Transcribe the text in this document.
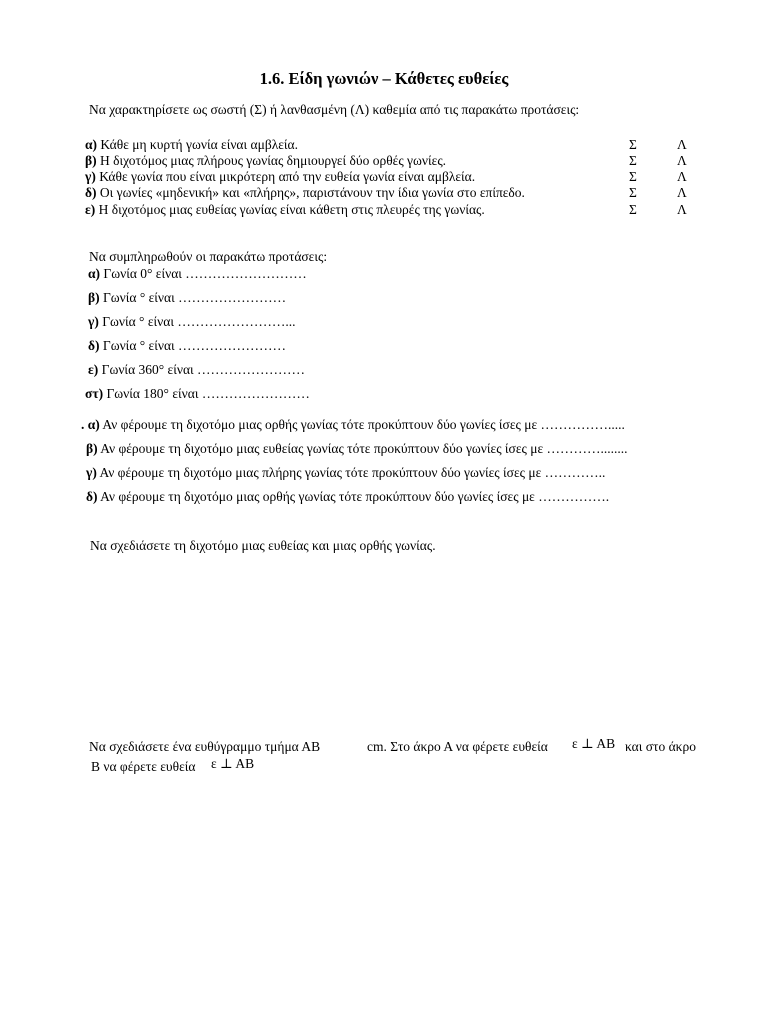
1.6. Είδη γωνιών – Κάθετες ευθείες
Να χαρακτηρίσετε ως σωστή (Σ) ή λανθασμένη (Λ) καθεμία από τις παρακάτω προτάσεις:
α) Κάθε μη κυρτή γωνία είναι αμβλεία.	Σ	Λ
β) Η διχοτόμος μιας πλήρους γωνίας δημιουργεί δύο ορθές γωνίες.	Σ	Λ
γ) Κάθε γωνία που είναι μικρότερη από την ευθεία γωνία είναι αμβλεία.	Σ	Λ
δ) Οι γωνίες «μηδενική» και «πλήρης», παριστάνουν την ίδια γωνία στο επίπεδο.	Σ	Λ
ε) Η διχοτόμος μιας ευθείας γωνίας είναι κάθετη στις πλευρές της γωνίας.	Σ	Λ
Να συμπληρωθούν οι παρακάτω προτάσεις:
α) Γωνία 0° είναι ………………………
β) Γωνία ° είναι ……………………
γ) Γωνία ° είναι ……………………...
δ) Γωνία ° είναι ……………………
ε) Γωνία 360° είναι ……………………
στ) Γωνία 180° είναι ……………………
. α) Αν φέρουμε τη διχοτόμο μιας ορθής γωνίας τότε προκύπτουν δύο γωνίες ίσες με …………….....
β) Αν φέρουμε τη διχοτόμο μιας ευθείας γωνίας τότε προκύπτουν δύο γωνίες ίσες με …………........
γ) Αν φέρουμε τη διχοτόμο μιας πλήρης γωνίας τότε προκύπτουν δύο γωνίες ίσες με …………..
δ) Αν φέρουμε τη διχοτόμο μιας ορθής γωνίας τότε προκύπτουν δύο γωνίες ίσες με …………….
Να σχεδιάσετε τη διχοτόμο μιας ευθείας και μιας ορθής γωνίας.
Να σχεδιάσετε ένα ευθύγραμμο τμήμα ΑΒ	cm. Στο άκρο Α να φέρετε ευθεία ε ⊥ ΑΒ και στο άκρο
Β να φέρετε ευθεία ε ⊥ ΑΒ
